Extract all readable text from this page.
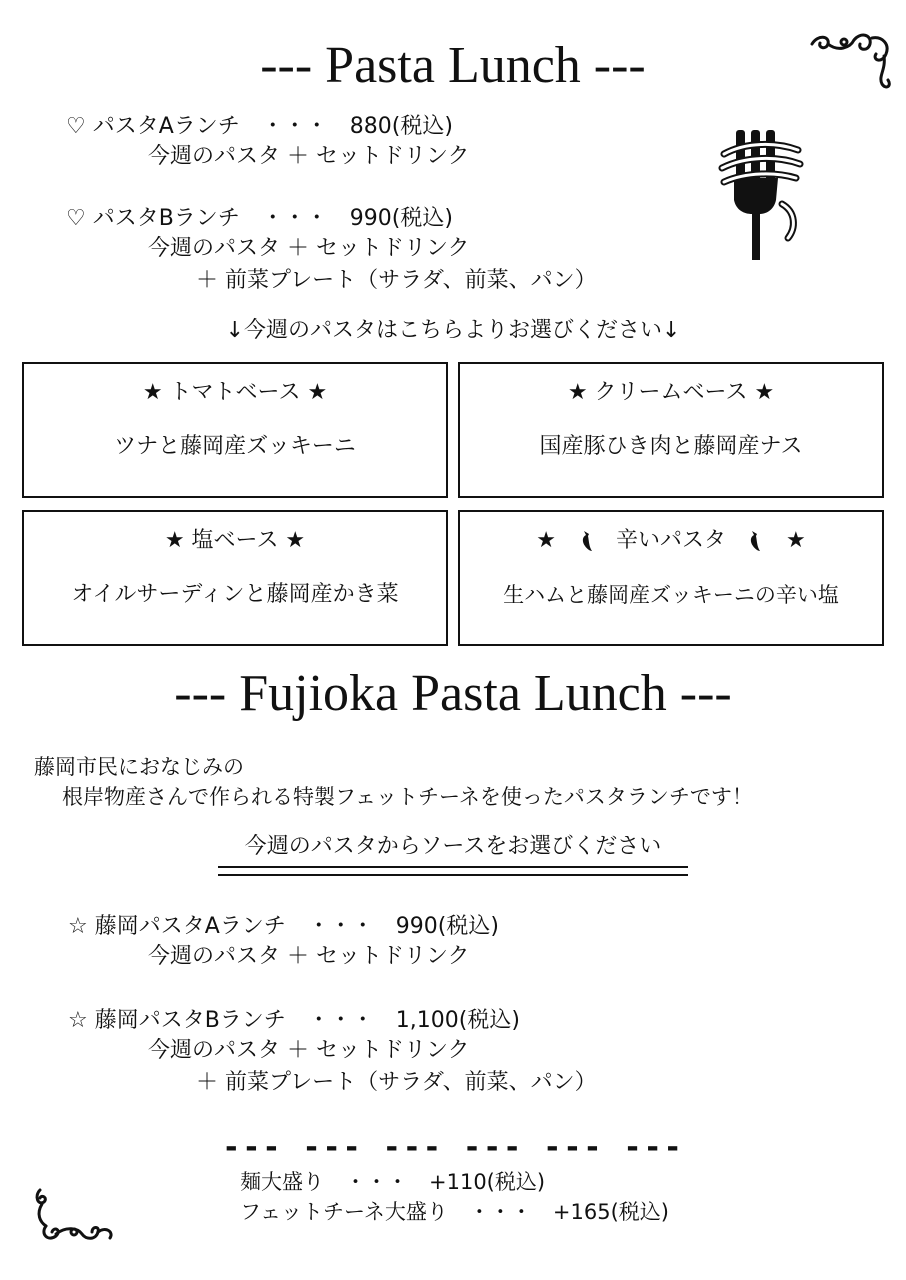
--- Pasta Lunch ---
♡ パスタAランチ　・・・　880(税込)
今週のパスタ ＋ セットドリンク
♡ パスタBランチ　・・・　990(税込)
今週のパスタ ＋ セットドリンク
＋ 前菜プレート（サラダ、前菜、パン）
↓今週のパスタはこちらよりお選びください↓
★ トマトベース ★
ツナと藤岡産ズッキーニ
★ クリームベース ★
国産豚ひき肉と藤岡産ナス
★ 塩ベース ★
オイルサーディンと藤岡産かき菜
★	辛いパスタ	★
生ハムと藤岡産ズッキーニの辛い塩
--- Fujioka Pasta Lunch ---
藤岡市民におなじみの
根岸物産さんで作られる特製フェットチーネを使ったパスタランチです！
今週のパスタからソースをお選びください
☆ 藤岡パスタAランチ　・・・　990(税込)
今週のパスタ ＋ セットドリンク
☆ 藤岡パスタBランチ　・・・　1,100(税込)
今週のパスタ ＋ セットドリンク
＋ 前菜プレート（サラダ、前菜、パン）
--- --- --- --- --- ---
麺大盛り　・・・　+110(税込)
フェットチーネ大盛り　・・・　+165(税込)
